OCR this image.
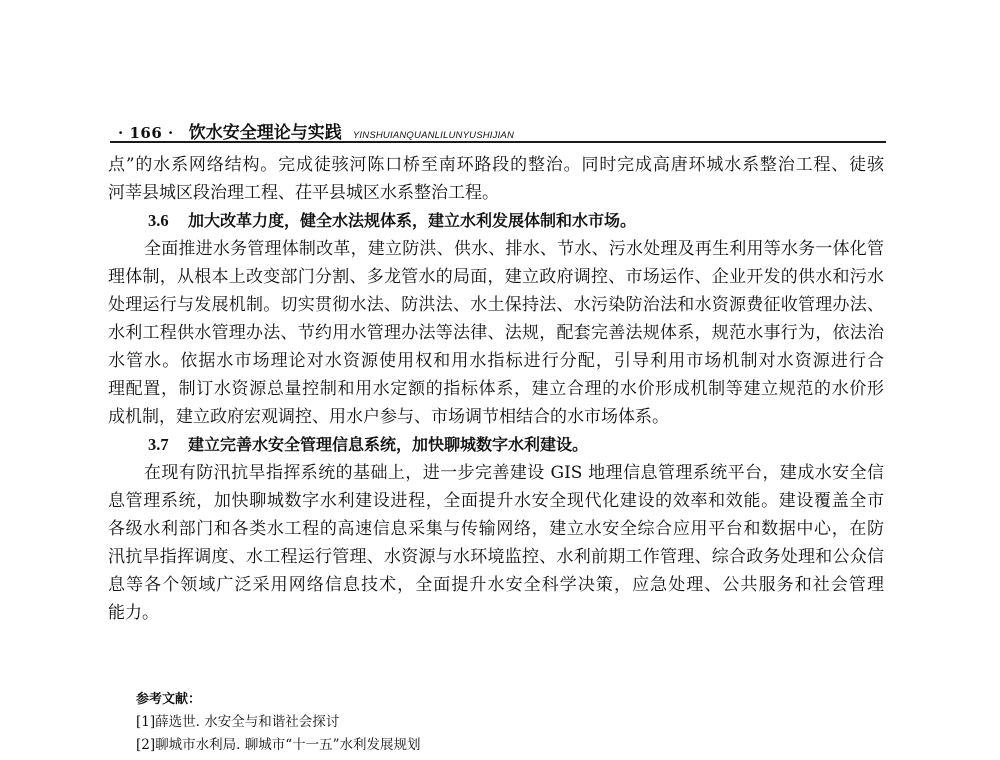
· 166 · 饮水安全理论与实践 YINSHUIANQUANLILUNYUSHIJIAN
点”的水系网络结构。完成徒骇河陈口桥至南环路段的整治。同时完成高唐环城水系整治工程、徒骇
河莘县城区段治理工程、茌平县城区水系整治工程。
3.6 加大改革力度，健全水法规体系，建立水利发展体制和水市场。
全面推进水务管理体制改革，建立防洪、供水、排水、节水、污水处理及再生利用等水务一体化管
理体制，从根本上改变部门分割、多龙管水的局面，建立政府调控、市场运作、企业开发的供水和污水
处理运行与发展机制。切实贯彻水法、防洪法、水土保持法、水污染防治法和水资源费征收管理办法、
水利工程供水管理办法、节约用水管理办法等法律、法规，配套完善法规体系，规范水事行为，依法治
水管水。依据水市场理论对水资源使用权和用水指标进行分配，引导利用市场机制对水资源进行合
理配置，制订水资源总量控制和用水定额的指标体系，建立合理的水价形成机制等建立规范的水价形
成机制，建立政府宏观调控、用水户参与、市场调节相结合的水市场体系。
3.7 建立完善水安全管理信息系统，加快聊城数字水利建设。
在现有防汛抗旱指挥系统的基础上，进一步完善建设 GIS 地理信息管理系统平台，建成水安全信
息管理系统，加快聊城数字水利建设进程，全面提升水安全现代化建设的效率和效能。建设覆盖全市
各级水利部门和各类水工程的高速信息采集与传输网络，建立水安全综合应用平台和数据中心，在防
汛抗旱指挥调度、水工程运行管理、水资源与水环境监控、水利前期工作管理、综合政务处理和公众信
息等各个领域广泛采用网络信息技术，全面提升水安全科学决策，应急处理、公共服务和社会管理
能力。
参考文献：
[1]薛选世. 水安全与和谐社会探讨
[2]聊城市水利局. 聊城市“十一五”水利发展规划
